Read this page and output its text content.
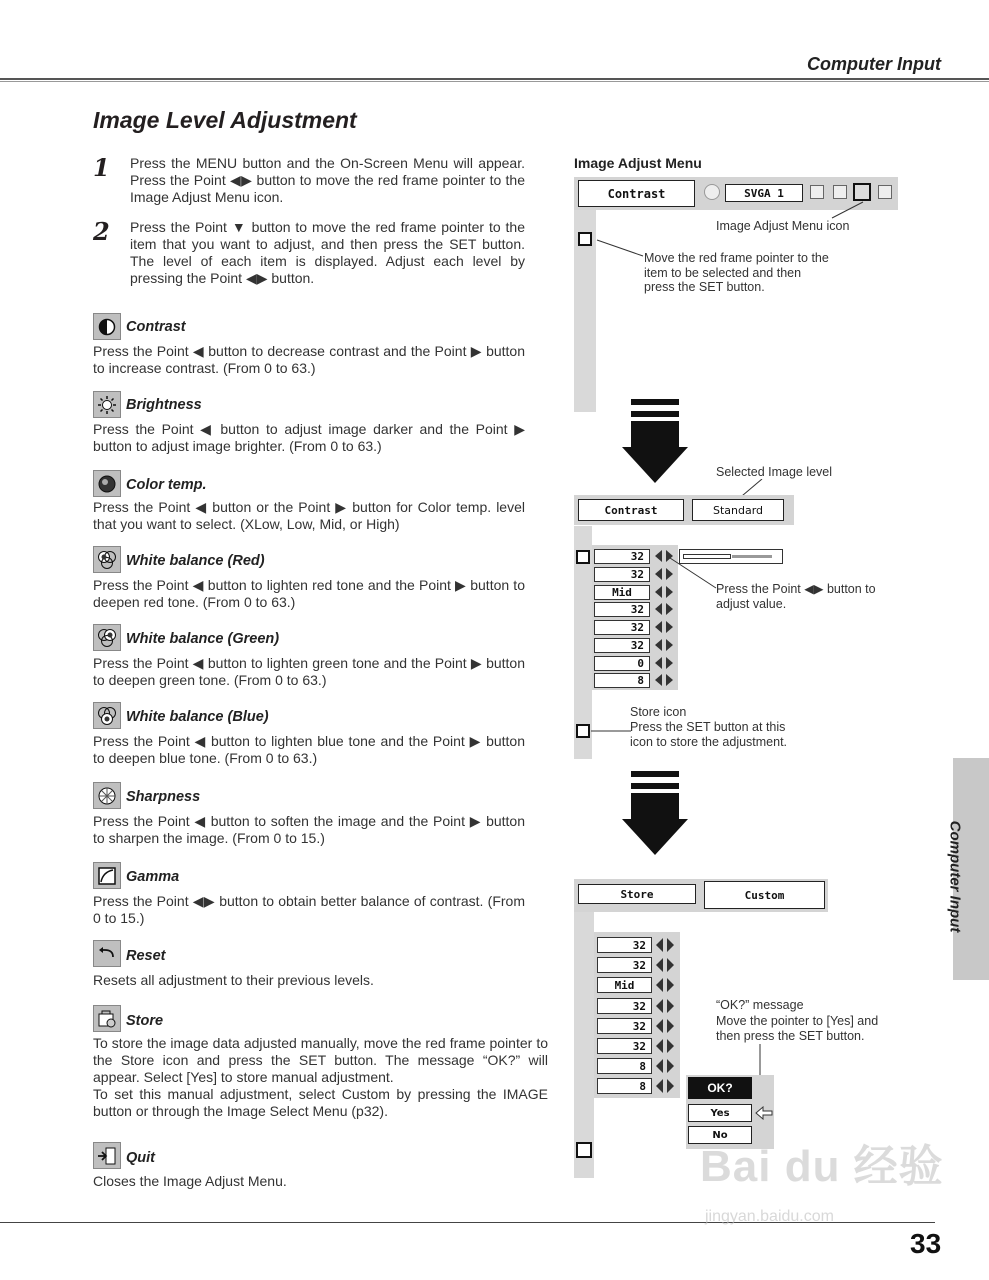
Computer Input
Image Level Adjustment
1 Press the MENU button and the On-Screen Menu will appear. Press the Point ◀▶ button to move the red frame pointer to the Image Adjust Menu icon.
2 Press the Point ▼ button to move the red frame pointer to the item that you want to adjust, and then press the SET button. The level of each item is displayed. Adjust each level by pressing the Point ◀▶ button.
Contrast
Press the Point ◀ button to decrease contrast and the Point ▶ button to increase contrast. (From 0 to 63.)
Brightness
Press the Point ◀ button to adjust image darker and the Point ▶ button to adjust image brighter. (From 0 to 63.)
Color temp.
Press the Point ◀ button or the Point ▶ button for Color temp. level that you want to select. (XLow, Low, Mid, or High)
White balance (Red)
Press the Point ◀ button to lighten red tone and the Point ▶ button to deepen red tone. (From 0 to 63.)
White balance (Green)
Press the Point ◀ button to lighten green tone and the Point ▶ button to deepen green tone. (From 0 to 63.)
White balance (Blue)
Press the Point ◀ button to lighten blue tone and the Point ▶ button to deepen blue tone. (From 0 to 63.)
Sharpness
Press the Point ◀ button to soften the image and the Point ▶ button to sharpen the image. (From 0 to 15.)
Gamma
Press the Point ◀▶ button to obtain better balance of contrast. (From 0 to 15.)
Reset
Resets all adjustment to their previous levels.
Store
To store the image data adjusted manually, move the red frame pointer to the Store icon and press the SET button. The message “OK?” will appear. Select [Yes] to store manual adjustment.
To set this manual adjustment, select Custom by pressing the IMAGE button or through the Image Select Menu (p32).
Quit
Closes the Image Adjust Menu.
Image Adjust Menu
Contrast	SVGA 1
Image Adjust Menu icon
Move the red frame pointer to the item to be selected and then press the SET button.
Selected Image level
Contrast	Standard
32
32
Mid
32
32
32
0
8
Press the Point ◀▶ button to adjust value.
Store icon
Press the SET button at this icon to store the adjustment.
Store	Custom
32
32
Mid
32
32
32
8
8
“OK?” message
Move the pointer to [Yes] and then press the SET button.
OK?
Yes
No
Computer Input
33
Bai du 经验
jingyan.baidu.com
